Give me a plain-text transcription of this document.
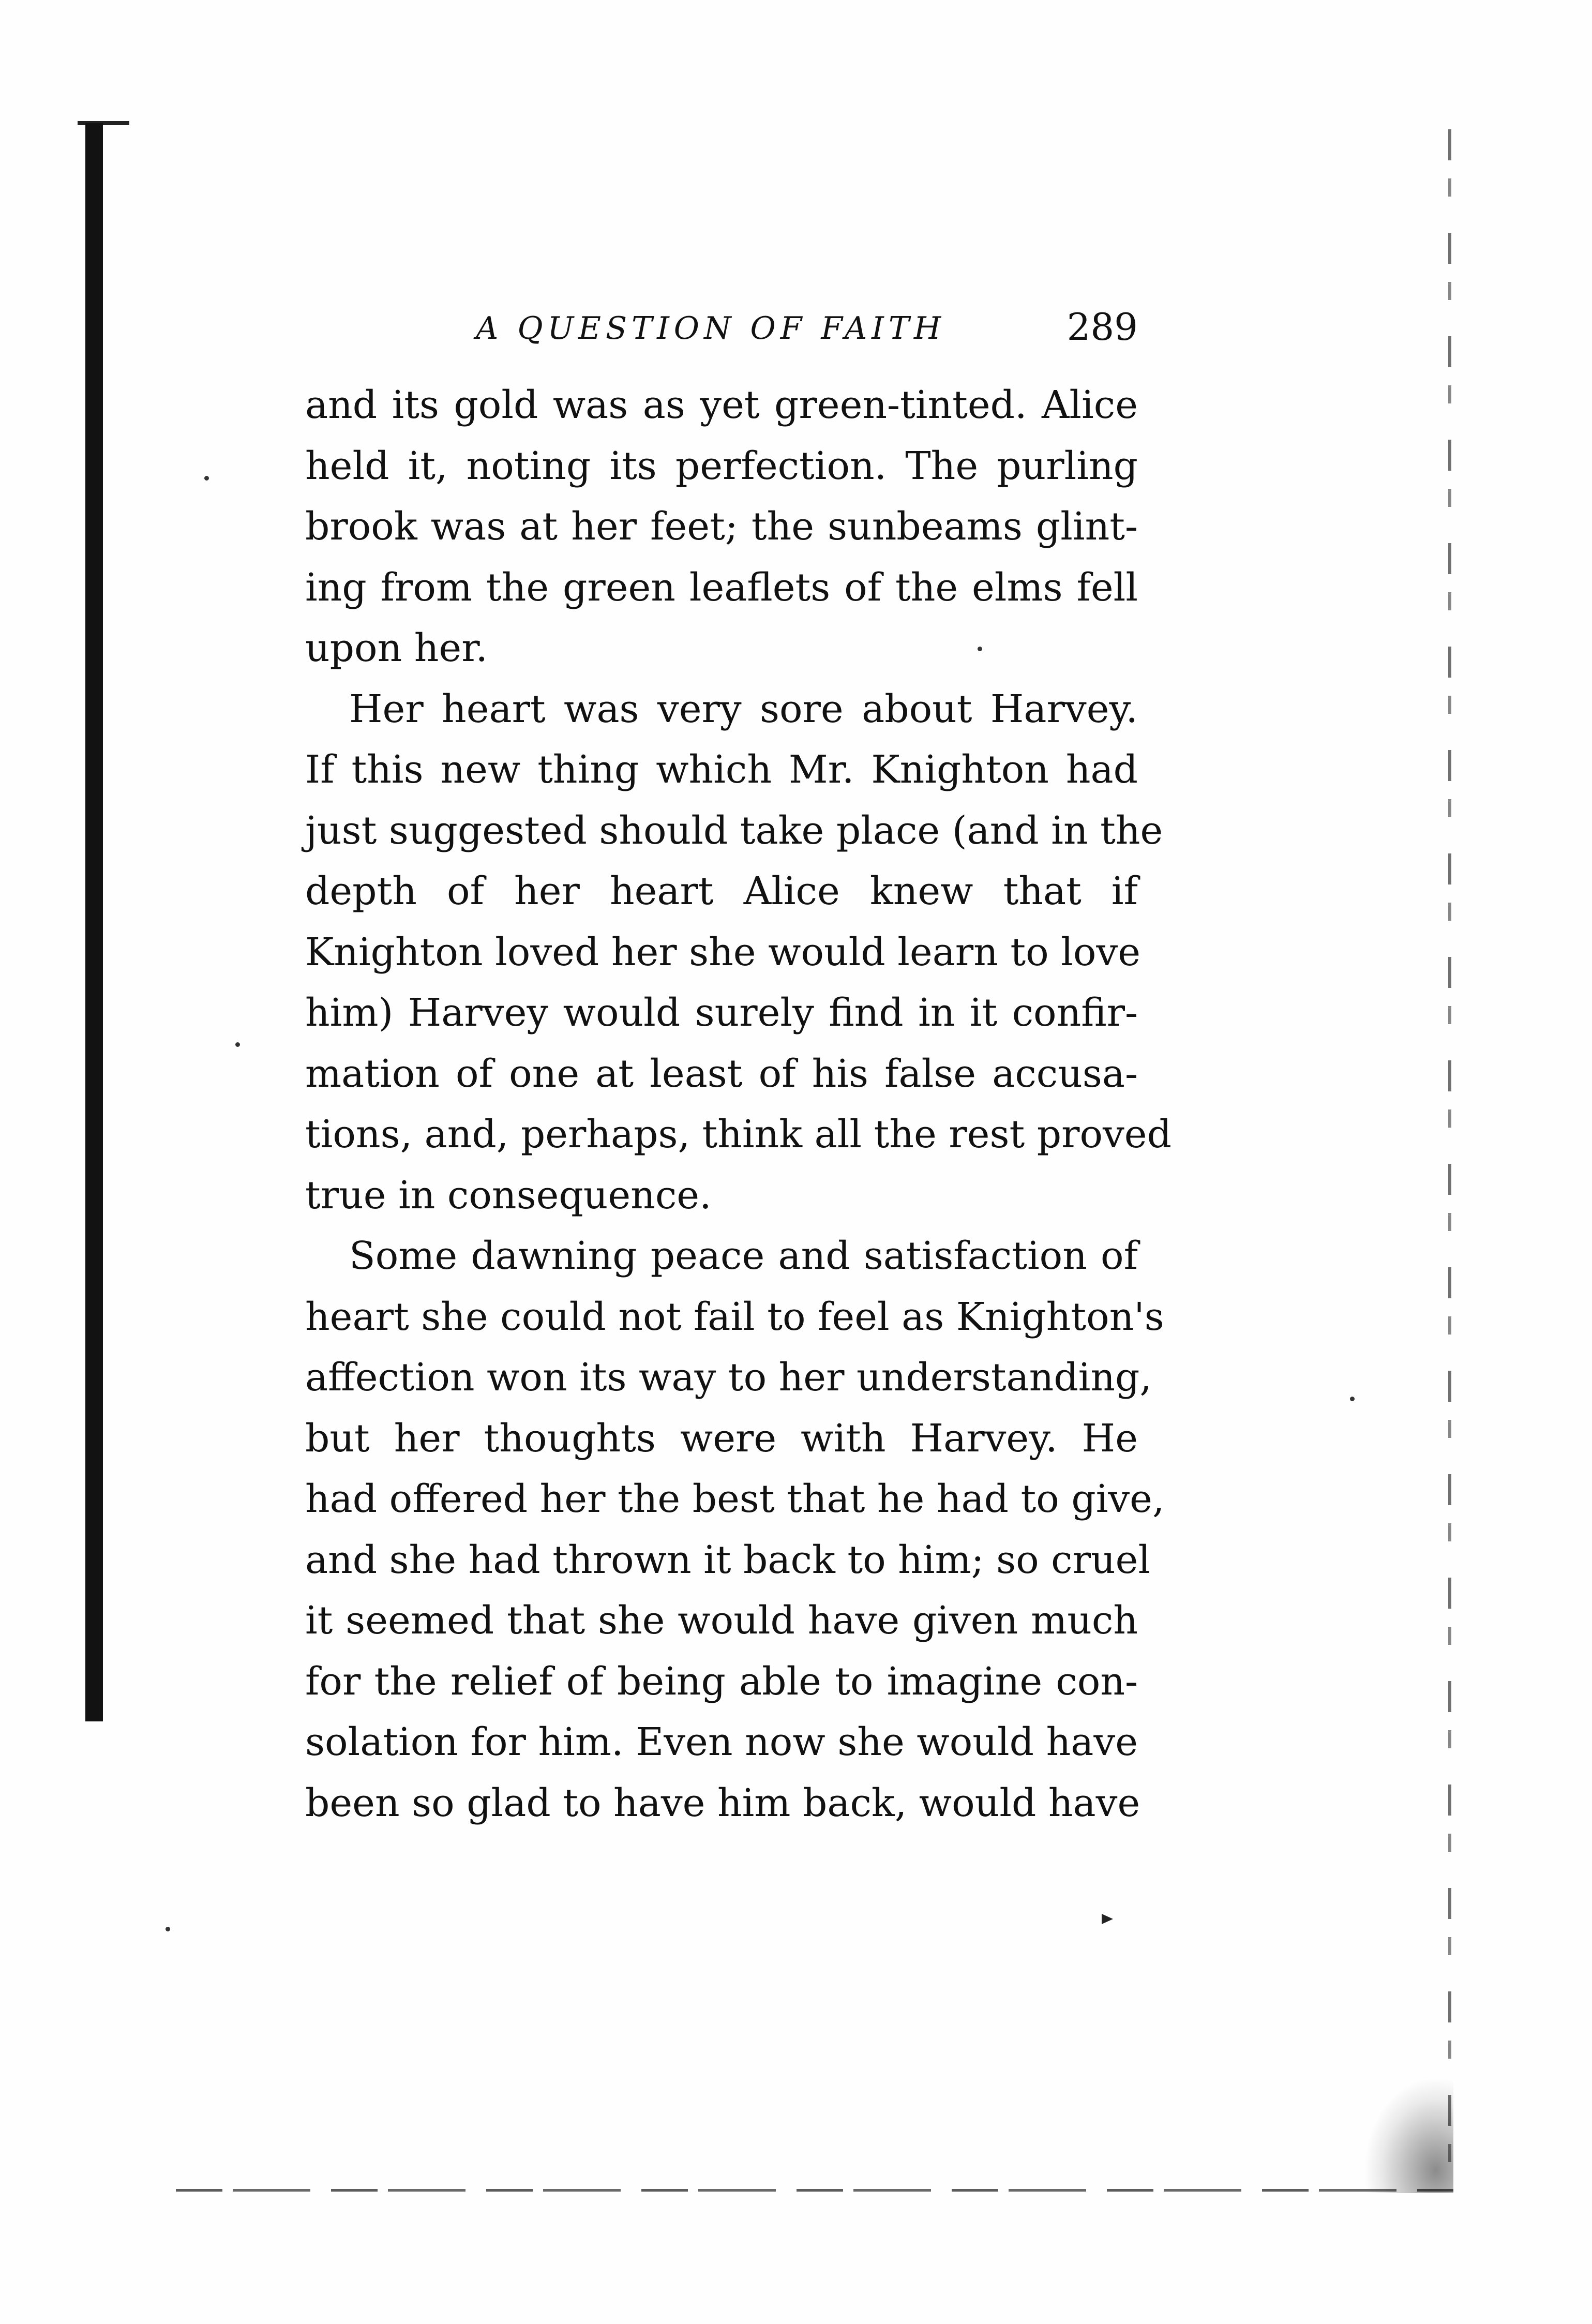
A QUESTION OF FAITH	289
and its gold was as yet green-tinted. Alice
held it, noting its perfection. The purling
brook was at her feet; the sunbeams glint-
ing from the green leaflets of the elms fell
upon her.
Her heart was very sore about Harvey.
If this new thing which Mr. Knighton had
just suggested should take place (and in the
depth of her heart Alice knew that if
Knighton loved her she would learn to love
him) Harvey would surely find in it confir-
mation of one at least of his false accusa-
tions, and, perhaps, think all the rest proved
true in consequence.
Some dawning peace and satisfaction of
heart she could not fail to feel as Knighton's
affection won its way to her understanding,
but her thoughts were with Harvey. He
had offered her the best that he had to give,
and she had thrown it back to him; so cruel
it seemed that she would have given much
for the relief of being able to imagine con-
solation for him. Even now she would have
been so glad to have him back, would have
